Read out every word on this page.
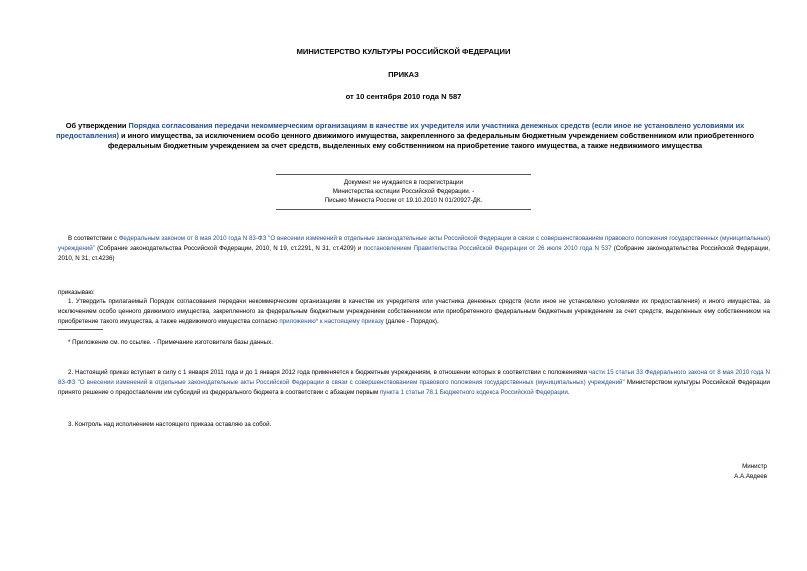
МИНИСТЕРСТВО КУЛЬТУРЫ РОССИЙСКОЙ ФЕДЕРАЦИИ
ПРИКАЗ
от 10 сентября 2010 года N 587
Об утверждении Порядка согласования передачи некоммерческим организациям в качестве их учредителя или участника денежных средств (если иное не установлено условиями их предоставления) и иного имущества, за исключением особо ценного движимого имущества, закрепленного за федеральным бюджетным учреждением собственником или приобретенного федеральным бюджетным учреждением за счет средств, выделенных ему собственником на приобретение такого имущества, а также недвижимого имущества
Документ не нуждается в госрегистрации
Министерства юстиции Российской Федерации. -
Письмо Минюста России от 19.10.2010 N 01/20927-ДК.
В соответствии с Федеральным законом от 8 мая 2010 года N 83-ФЗ "О внесении изменений в отдельные законодательные акты Российской Федерации в связи с совершенствованием правового положения государственных (муниципальных) учреждений" (Собрание законодательства Российской Федерации, 2010, N 19, ст.2291, N 31, ст.4209) и постановлением Правительства Российской Федерации от 26 июля 2010 года N 537 (Собрание законодательства Российской Федерации, 2010, N 31, ст.4236)
приказываю:
1. Утвердить прилагаемый Порядок согласования передачи некоммерческим организациям в качестве их учредителя или участника денежных средств (если иное не установлено условиями их предоставления) и иного имущества, за исключением особо ценного движимого имущества, закрепленного за федеральным бюджетным учреждением собственником или приобретенного федеральным бюджетным учреждением за счет средств, выделенных ему собственником на приобретение такого имущества, а также недвижимого имущества согласно приложению* к настоящему приказу (далее - Порядок).
* Приложение см. по ссылке. - Примечание изготовителя базы данных.
2. Настоящий приказ вступает в силу с 1 января 2011 года и до 1 января 2012 года применяется к бюджетным учреждениям, в отношении которых в соответствии с положениями части 15 статьи 33 Федерального закона от 8 мая 2010 года N 83-ФЗ "О внесении изменений в отдельные законодательные акты Российской Федерации в связи с совершенствованием правового положения государственных (муниципальных) учреждений" Министерством культуры Российской Федерации принято решение о предоставлении им субсидий из федерального бюджета в соответствии с абзацем первым пункта 1 статьи 78.1 Бюджетного кодекса Российской Федерации.
3. Контроль над исполнением настоящего приказа оставляю за собой.
Министр
А.А.Авдеев
